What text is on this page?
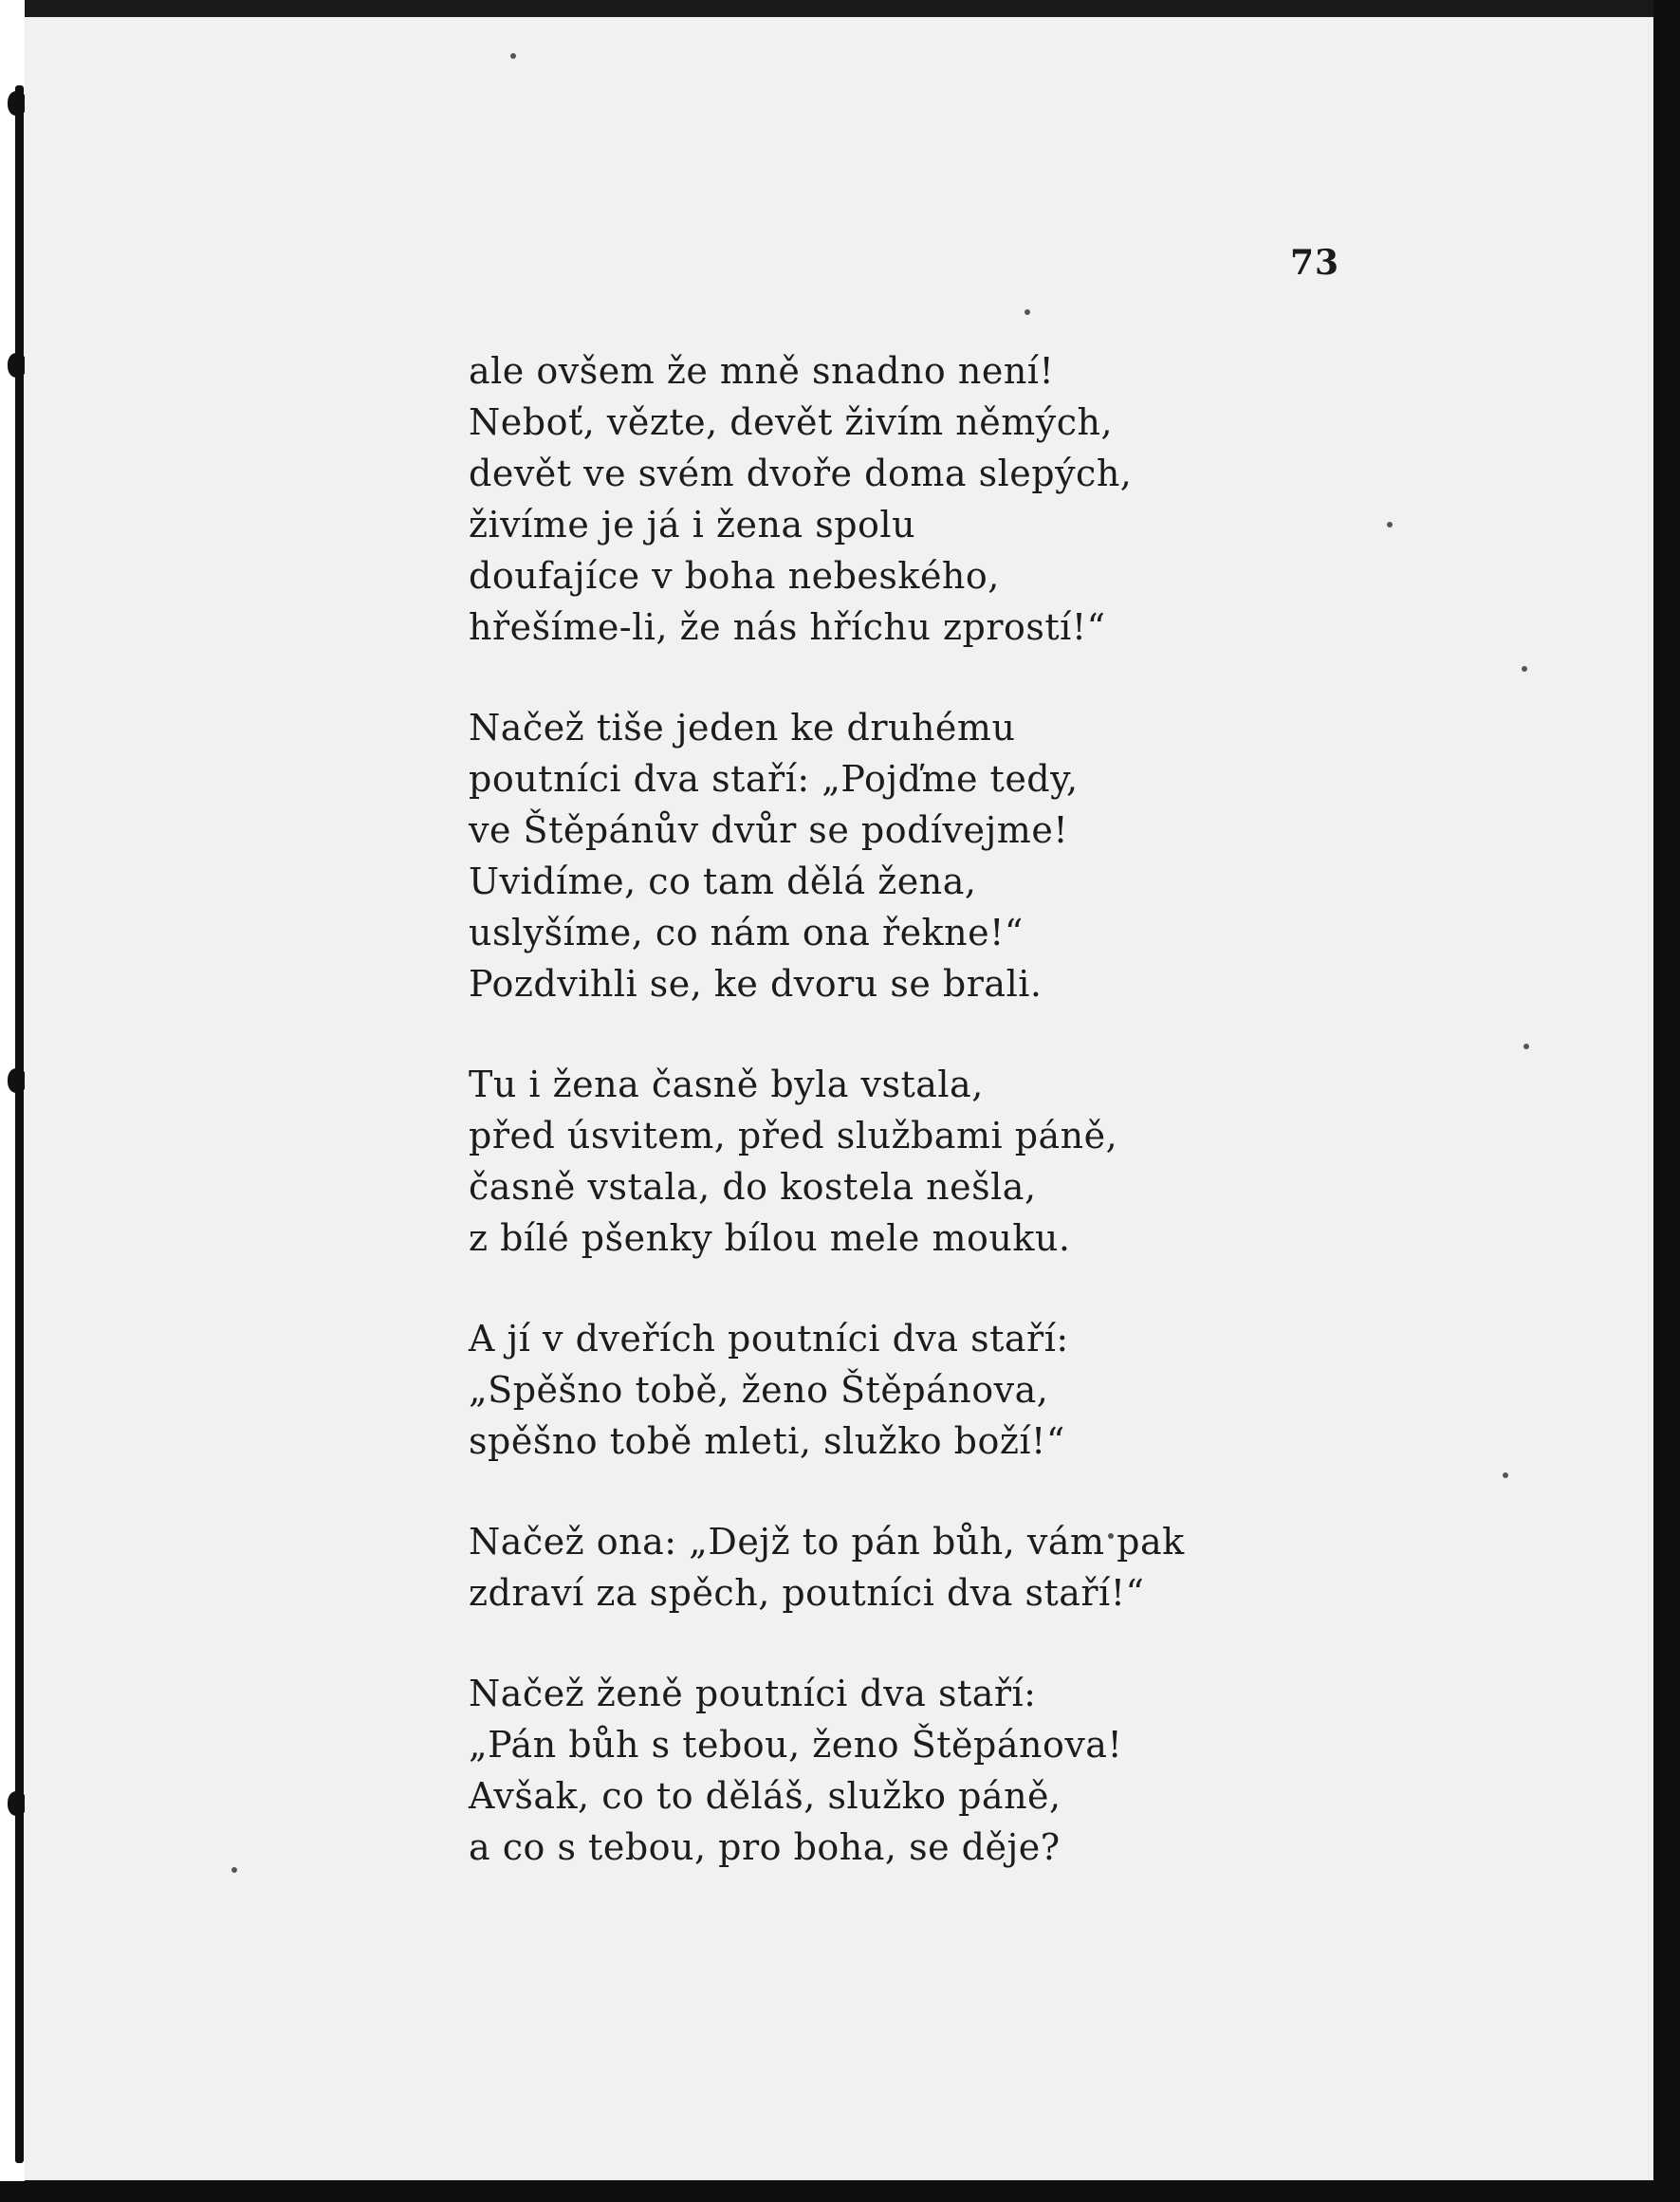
73
ale ovšem že mně snadno není!
Neboť, vězte, devět živím němých,
devět ve svém dvoře doma slepých,
živíme je já i žena spolu
doufajíce v boha nebeského,
hřešíme-li, že nás hříchu zprostí!“
Načež tiše jeden ke druhému
poutníci dva staří: „Pojďme tedy,
ve Štěpánův dvůr se podívejme!
Uvidíme, co tam dělá žena,
uslyšíme, co nám ona řekne!“
Pozdvihli se, ke dvoru se brali.
Tu i žena časně byla vstala,
před úsvitem, před službami páně,
časně vstala, do kostela nešla,
z bílé pšenky bílou mele mouku.
A jí v dveřích poutníci dva staří:
„Spěšno tobě, ženo Štěpánova,
spěšno tobě mleti, služko boží!“
Načež ona: „Dejž to pán bůh, vám pak
zdraví za spěch, poutníci dva staří!“
Načež ženě poutníci dva staří:
„Pán bůh s tebou, ženo Štěpánova!
Avšak, co to děláš, služko páně,
a co s tebou, pro boha, se děje?
